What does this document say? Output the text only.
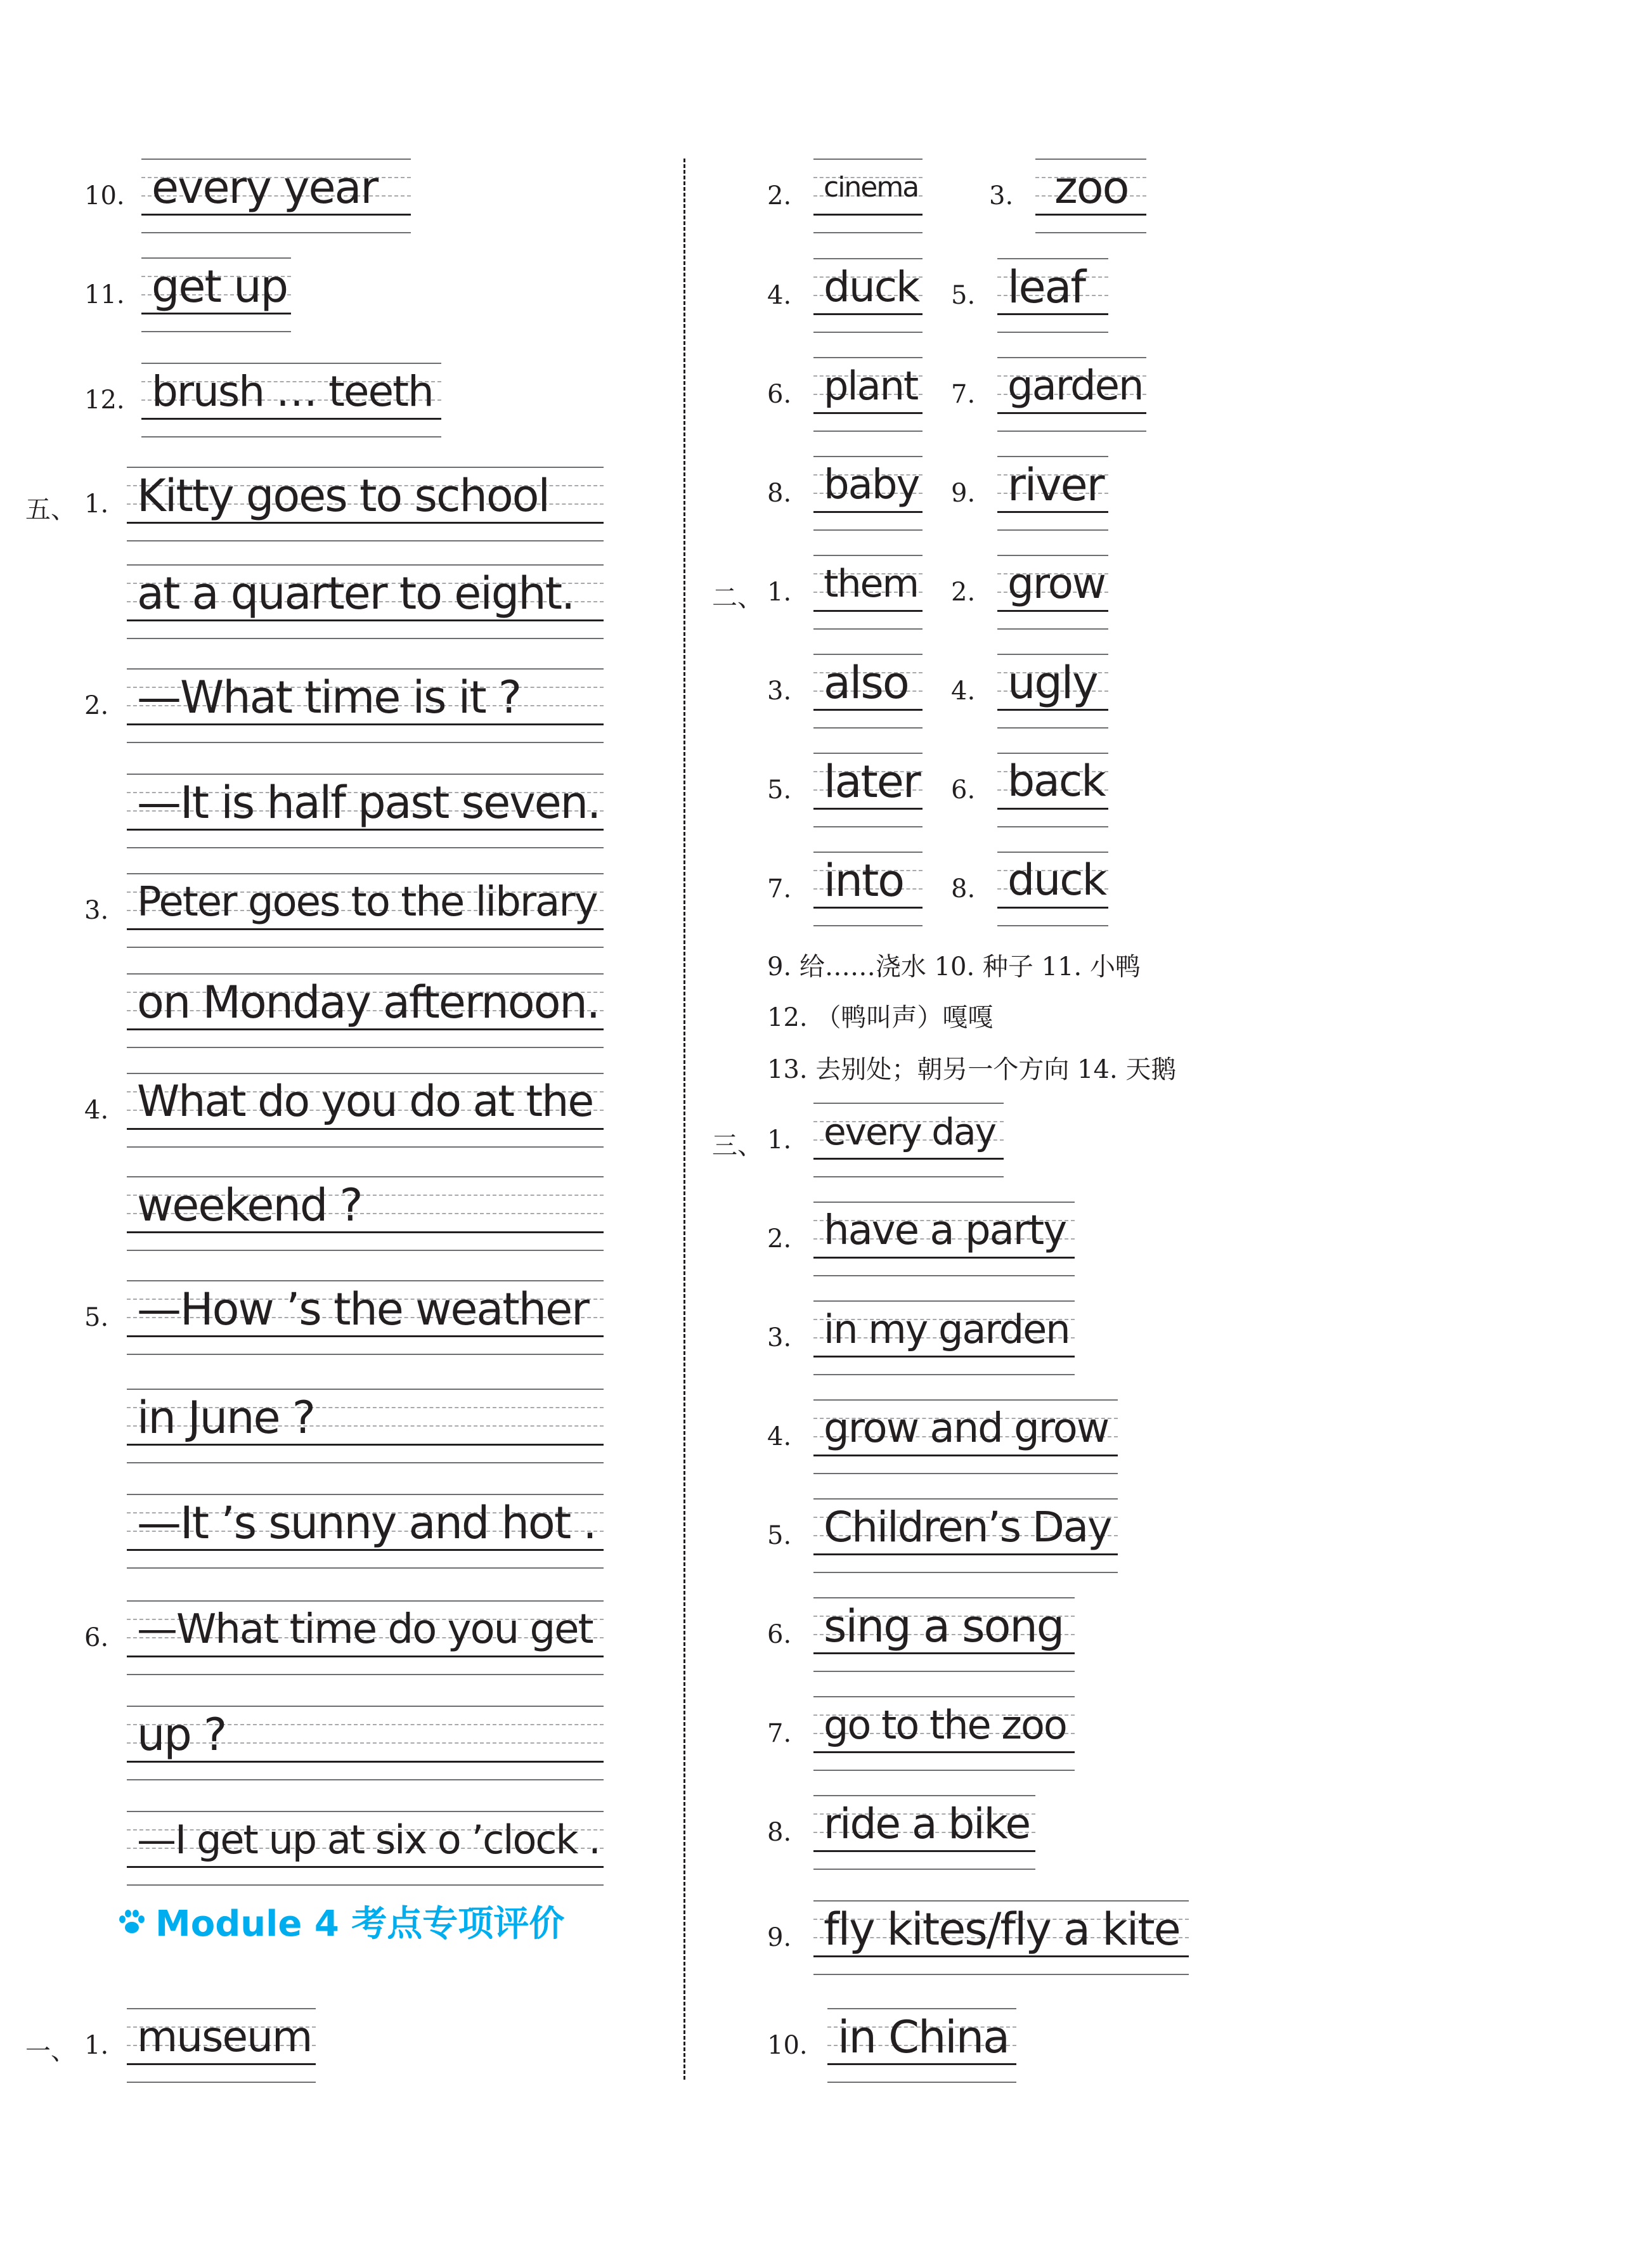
10. every year
11. get up
12. brush … teeth
五、 1. Kitty goes to school
at a quarter to eight.
2. —What time is it ?
—It is half past seven.
3. Peter goes to the library
on Monday afternoon.
4. What do you do at the
weekend ?
5. —How ’s the weather
in June ?
—It ’s sunny and hot .
6. —What time do you get
up ?
—I get up at six o ’clock .
Module 4 考点专项评价
一、 1. museum
2. cinema	3. zoo
4. duck 5. leaf
6. plant 7. garden
8. baby 9. river
二、 1. them 2. grow
3. also 4. ugly
5. later 6. back
7. into 8. duck
9. 给……浇水 10. 种子 11. 小鸭
12. （鸭叫声）嘎嘎
13. 去别处；朝另一个方向 14. 天鹅
三、 1. every day
2. have a party
3. in my garden
4. grow and grow
5. Children’s Day
6. sing a song
7. go to the zoo
8. ride a bike
9. fly kites/fly a kite
10. in China
